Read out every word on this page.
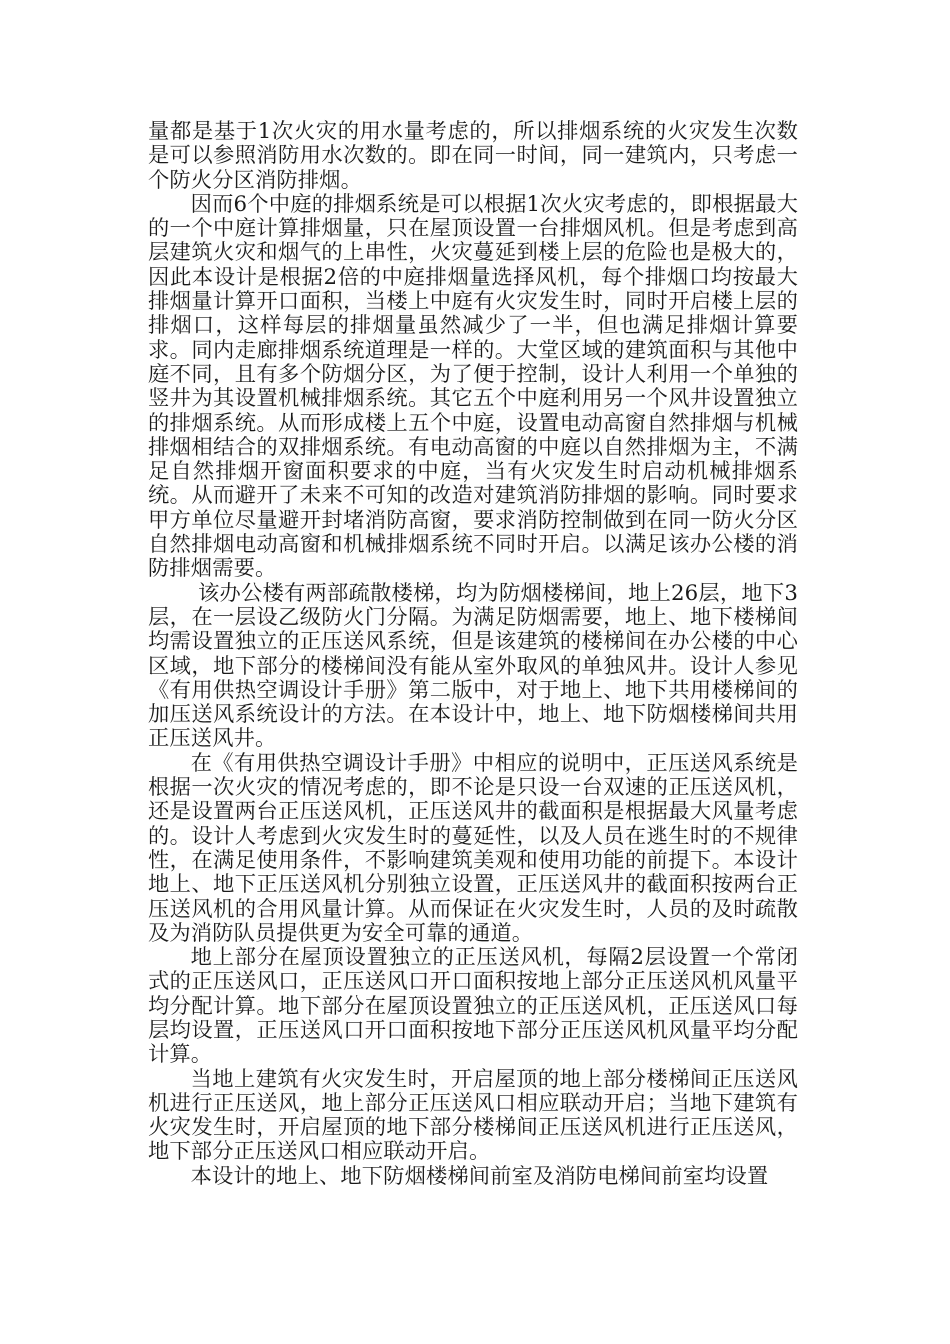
量都是基于1次火灾的用水量考虑的，所以排烟系统的火灾发生次数是可以参照消防用水次数的。即在同一时间，同一建筑内，只考虑一个防火分区消防排烟。

因而6个中庭的排烟系统是可以根据1次火灾考虑的，即根据最大的一个中庭计算排烟量，只在屋顶设置一台排烟风机。但是考虑到高层建筑火灾和烟气的上串性，火灾蔓延到楼上层的危险也是极大的，因此本设计是根据2倍的中庭排烟量选择风机，每个排烟口均按最大排烟量计算开口面积，当楼上中庭有火灾发生时，同时开启楼上层的排烟口，这样每层的排烟量虽然减少了一半，但也满足排烟计算要求。同内走廊排烟系统道理是一样的。大堂区域的建筑面积与其他中庭不同，且有多个防烟分区，为了便于控制，设计人利用一个单独的竖井为其设置机械排烟系统。其它五个中庭利用另一个风井设置独立的排烟系统。从而形成楼上五个中庭，设置电动高窗自然排烟与机械排烟相结合的双排烟系统。有电动高窗的中庭以自然排烟为主，不满足自然排烟开窗面积要求的中庭，当有火灾发生时启动机械排烟系统。从而避开了未来不可知的改造对建筑消防排烟的影响。同时要求甲方单位尽量避开封堵消防高窗，要求消防控制做到在同一防火分区自然排烟电动高窗和机械排烟系统不同时开启。以满足该办公楼的消防排烟需要。

该办公楼有两部疏散楼梯，均为防烟楼梯间，地上26层，地下3层，在一层设乙级防火门分隔。为满足防烟需要，地上、地下楼梯间均需设置独立的正压送风系统，但是该建筑的楼梯间在办公楼的中心区域，地下部分的楼梯间没有能从室外取风的单独风井。设计人参见《有用供热空调设计手册》第二版中，对于地上、地下共用楼梯间的加压送风系统设计的方法。在本设计中，地上、地下防烟楼梯间共用正压送风井。

在《有用供热空调设计手册》中相应的说明中，正压送风系统是根据一次火灾的情况考虑的，即不论是只设一台双速的正压送风机，还是设置两台正压送风机，正压送风井的截面积是根据最大风量考虑的。设计人考虑到火灾发生时的蔓延性，以及人员在逃生时的不规律性，在满足使用条件，不影响建筑美观和使用功能的前提下。本设计地上、地下正压送风机分别独立设置，正压送风井的截面积按两台正压送风机的合用风量计算。从而保证在火灾发生时，人员的及时疏散及为消防队员提供更为安全可靠的通道。

地上部分在屋顶设置独立的正压送风机，每隔2层设置一个常闭式的正压送风口，正压送风口开口面积按地上部分正压送风机风量平均分配计算。地下部分在屋顶设置独立的正压送风机，正压送风口每层均设置，正压送风口开口面积按地下部分正压送风机风量平均分配计算。

当地上建筑有火灾发生时，开启屋顶的地上部分楼梯间正压送风机进行正压送风，地上部分正压送风口相应联动开启；当地下建筑有火灾发生时，开启屋顶的地下部分楼梯间正压送风机进行正压送风，地下部分正压送风口相应联动开启。

本设计的地上、地下防烟楼梯间前室及消防电梯间前室均设置
